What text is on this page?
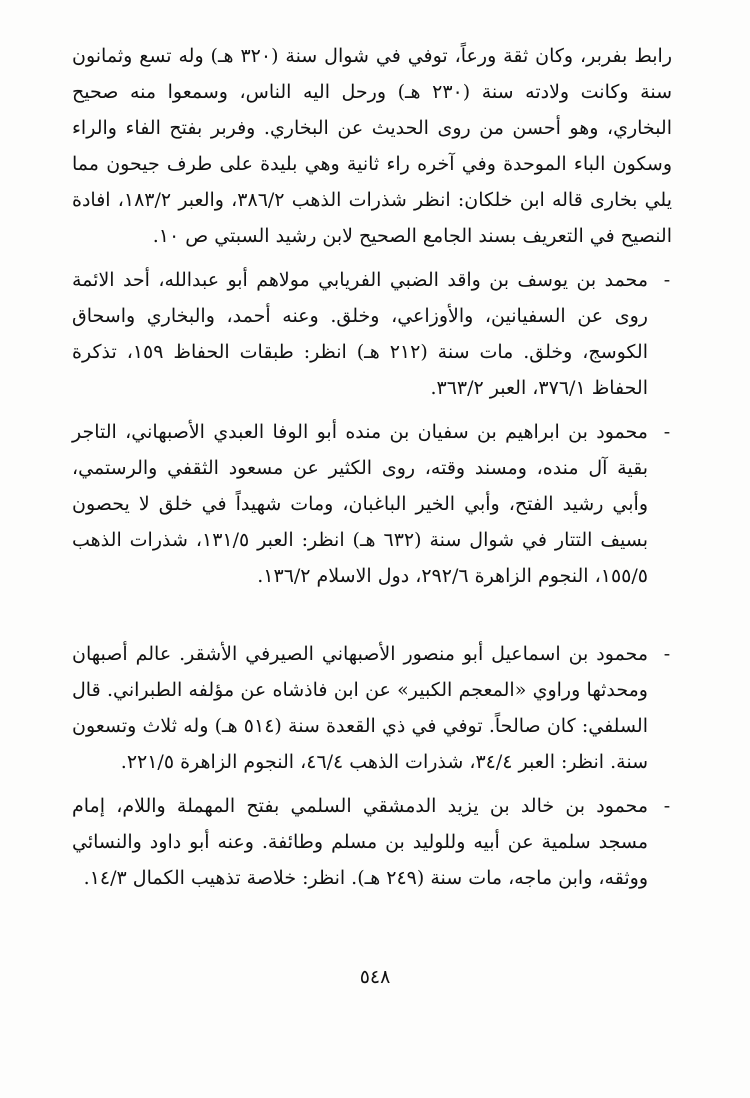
رابط بفربر، وكان ثقة ورعاً، توفي في شوال سنة (٣٢٠ هـ) وله تسع وثمانون سنة وكانت ولادته سنة (٢٣٠ هـ) ورحل اليه الناس، وسمعوا منه صحيح البخاري، وهو أحسن من روى الحديث عن البخاري. وفربر بفتح الفاء والراء وسكون الباء الموحدة وفي آخره راء ثانية وهي بليدة على طرف جيحون مما يلي بخارى قاله ابن خلكان: انظر شذرات الذهب ٣٨٦/٢، والعبر ١٨٣/٢، افادة النصيح في التعريف بسند الجامع الصحيح لابن رشيد السبتي ص ١٠.

-

محمد بن يوسف بن واقد الضبي الفريابي مولاهم أبو عبدالله، أحد الائمة روى عن السفيانين، والأوزاعي، وخلق. وعنه أحمد، والبخاري واسحاق الكوسج، وخلق. مات سنة (٢١٢ هـ) انظر: طبقات الحفاظ ١٥٩، تذكرة الحفاظ ٣٧٦/١، العبر ٣٦٣/٢.

-

محمود بن ابراهيم بن سفيان بن منده أبو الوفا العبدي الأصبهاني، التاجر بقية آل منده، ومسند وقته، روى الكثير عن مسعود الثقفي والرستمي، وأبي رشيد الفتح، وأبي الخير الباغبان، ومات شهيداً في خلق لا يحصون بسيف التتار في شوال سنة (٦٣٢ هـ) انظر: العبر ١٣١/٥، شذرات الذهب ١٥٥/٥، النجوم الزاهرة ٢٩٢/٦، دول الاسلام ١٣٦/٢.

-

محمود بن اسماعيل أبو منصور الأصبهاني الصيرفي الأشقر. عالم أصبهان ومحدثها وراوي «المعجم الكبير» عن ابن فاذشاه عن مؤلفه الطبراني. قال السلفي: كان صالحاً. توفي في ذي القعدة سنة (٥١٤ هـ) وله ثلاث وتسعون سنة. انظر: العبر ٣٤/٤، شذرات الذهب ٤٦/٤، النجوم الزاهرة ٢٢١/٥.

-

محمود بن خالد بن يزيد الدمشقي السلمي بفتح المهملة واللام، إمام مسجد سلمية عن أبيه وللوليد بن مسلم وطائفة. وعنه أبو داود والنسائي ووثقه، وابن ماجه، مات سنة (٢٤٩ هـ). انظر: خلاصة تذهيب الكمال ١٤/٣.

٥٤٨
